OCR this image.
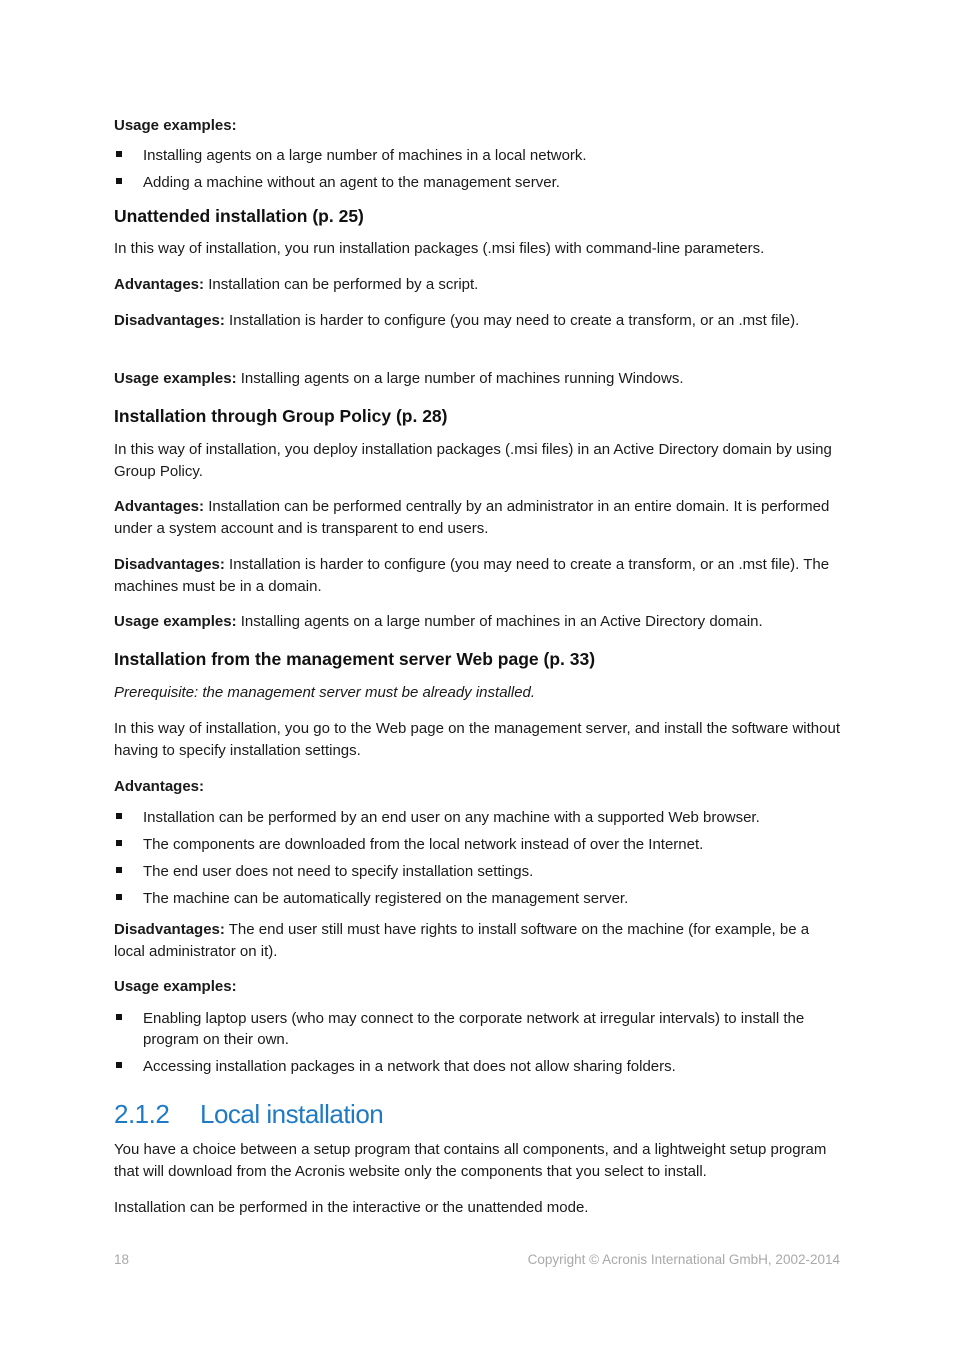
Usage examples:

Installing agents on a large number of machines in a local network.
Adding a machine without an agent to the management server.
Unattended installation (p. 25)

In this way of installation, you run installation packages (.msi files) with command-line parameters.

Advantages: Installation can be performed by a script.

Disadvantages: Installation is harder to configure (you may need to create a transform, or an .mst file).

Usage examples: Installing agents on a large number of machines running Windows.

Installation through Group Policy (p. 28)

In this way of installation, you deploy installation packages (.msi files) in an Active Directory domain by using Group Policy.

Advantages: Installation can be performed centrally by an administrator in an entire domain. It is performed under a system account and is transparent to end users.

Disadvantages: Installation is harder to configure (you may need to create a transform, or an .mst file). The machines must be in a domain.

Usage examples: Installing agents on a large number of machines in an Active Directory domain.

Installation from the management server Web page (p. 33)

Prerequisite: the management server must be already installed.

In this way of installation, you go to the Web page on the management server, and install the software without having to specify installation settings.

Advantages:

Installation can be performed by an end user on any machine with a supported Web browser.
The components are downloaded from the local network instead of over the Internet.
The end user does not need to specify installation settings.
The machine can be automatically registered on the management server.

Disadvantages: The end user still must have rights to install software on the machine (for example, be a local administrator on it).

Usage examples:

Enabling laptop users (who may connect to the corporate network at irregular intervals) to install the program on their own.
Accessing installation packages in a network that does not allow sharing folders.
2.1.2 Local installation

You have a choice between a setup program that contains all components, and a lightweight setup program that will download from the Acronis website only the components that you select to install.

Installation can be performed in the interactive or the unattended mode.

18	Copyright © Acronis International GmbH, 2002-2014
